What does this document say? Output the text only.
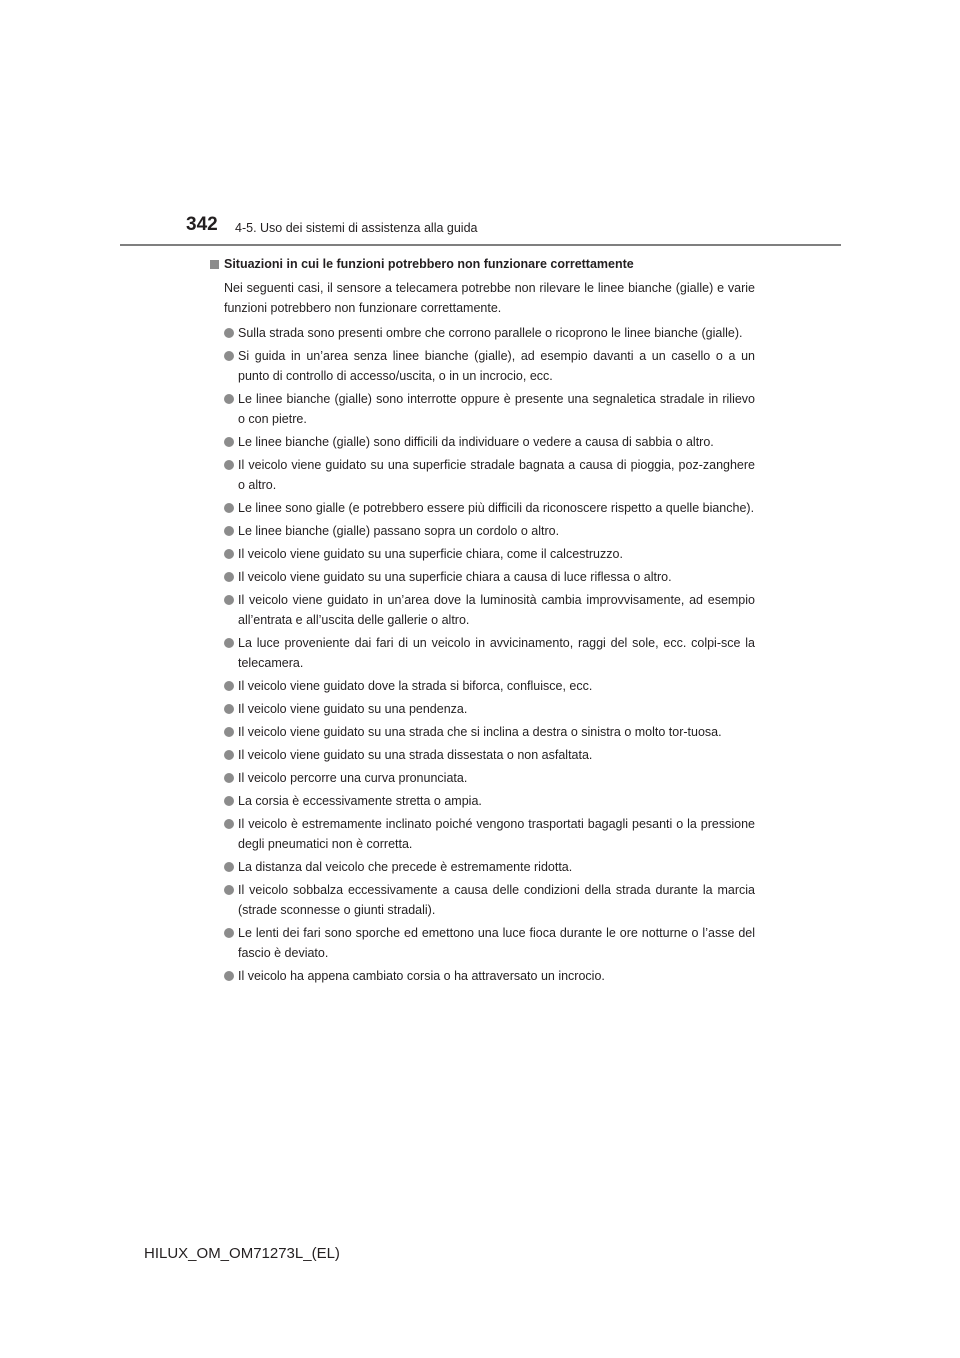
342 4-5. Uso dei sistemi di assistenza alla guida
Situazioni in cui le funzioni potrebbero non funzionare correttamente

Nei seguenti casi, il sensore a telecamera potrebbe non rilevare le linee bianche (gialle) e varie funzioni potrebbero non funzionare correttamente.

Sulla strada sono presenti ombre che corrono parallele o ricoprono le linee bianche (gialle).
Si guida in un’area senza linee bianche (gialle), ad esempio davanti a un casello o a un punto di controllo di accesso/uscita, o in un incrocio, ecc.
Le linee bianche (gialle) sono interrotte oppure è presente una segnaletica stradale in rilievo o con pietre.
Le linee bianche (gialle) sono difficili da individuare o vedere a causa di sabbia o altro.
Il veicolo viene guidato su una superficie stradale bagnata a causa di pioggia, poz-zanghere o altro.
Le linee sono gialle (e potrebbero essere più difficili da riconoscere rispetto a quelle bianche).
Le linee bianche (gialle) passano sopra un cordolo o altro.
Il veicolo viene guidato su una superficie chiara, come il calcestruzzo.
Il veicolo viene guidato su una superficie chiara a causa di luce riflessa o altro.
Il veicolo viene guidato in un’area dove la luminosità cambia improvvisamente, ad esempio all’entrata e all’uscita delle gallerie o altro.
La luce proveniente dai fari di un veicolo in avvicinamento, raggi del sole, ecc. colpi-sce la telecamera.
Il veicolo viene guidato dove la strada si biforca, confluisce, ecc.
Il veicolo viene guidato su una pendenza.
Il veicolo viene guidato su una strada che si inclina a destra o sinistra o molto tor-tuosa.
Il veicolo viene guidato su una strada dissestata o non asfaltata.
Il veicolo percorre una curva pronunciata.
La corsia è eccessivamente stretta o ampia.
Il veicolo è estremamente inclinato poiché vengono trasportati bagagli pesanti o la pressione degli pneumatici non è corretta.
La distanza dal veicolo che precede è estremamente ridotta.
Il veicolo sobbalza eccessivamente a causa delle condizioni della strada durante la marcia (strade sconnesse o giunti stradali).
Le lenti dei fari sono sporche ed emettono una luce fioca durante le ore notturne o l’asse del fascio è deviato.
Il veicolo ha appena cambiato corsia o ha attraversato un incrocio.
HILUX_OM_OM71273L_(EL)
